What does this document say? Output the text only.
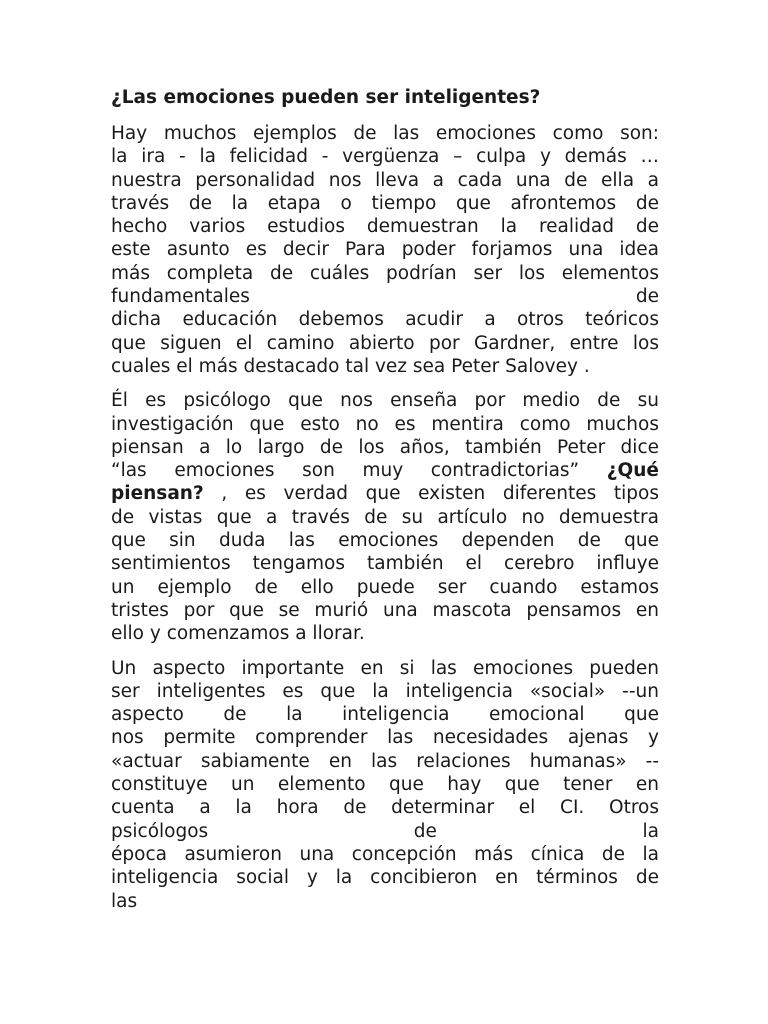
¿Las emociones pueden ser inteligentes?
Hay muchos ejemplos de las emociones como son:
la ira - la felicidad - vergüenza – culpa y demás …
nuestra personalidad nos lleva a cada una de ella a
través de la etapa o tiempo que afrontemos de
hecho varios estudios demuestran la realidad de
este asunto es decir Para poder forjamos una idea
más completa de cuáles podrían ser los elementos
fundamentales de
dicha educación debemos acudir a otros teóricos
que siguen el camino abierto por Gardner, entre los
cuales el más destacado tal vez sea Peter Salovey .
Él es psicólogo que nos enseña por medio de su
investigación que esto no es mentira como muchos
piensan a lo largo de los años, también Peter dice
“las emociones son muy contradictorias” ¿Qué
piensan? , es verdad que existen diferentes tipos
de vistas que a través de su artículo no demuestra
que sin duda las emociones dependen de que
sentimientos tengamos también el cerebro influye
un ejemplo de ello puede ser cuando estamos
tristes por que se murió una mascota pensamos en
ello y comenzamos a llorar.
Un aspecto importante en si las emociones pueden
ser inteligentes es que la inteligencia «social» --un
aspecto de la inteligencia emocional que
nos permite comprender las necesidades ajenas y
«actuar sabiamente en las relaciones humanas» --
constituye un elemento que hay que tener en
cuenta a la hora de determinar el CI. Otros
psicólogos de la
época asumieron una concepción más cínica de la
inteligencia social y la concibieron en términos de
las
